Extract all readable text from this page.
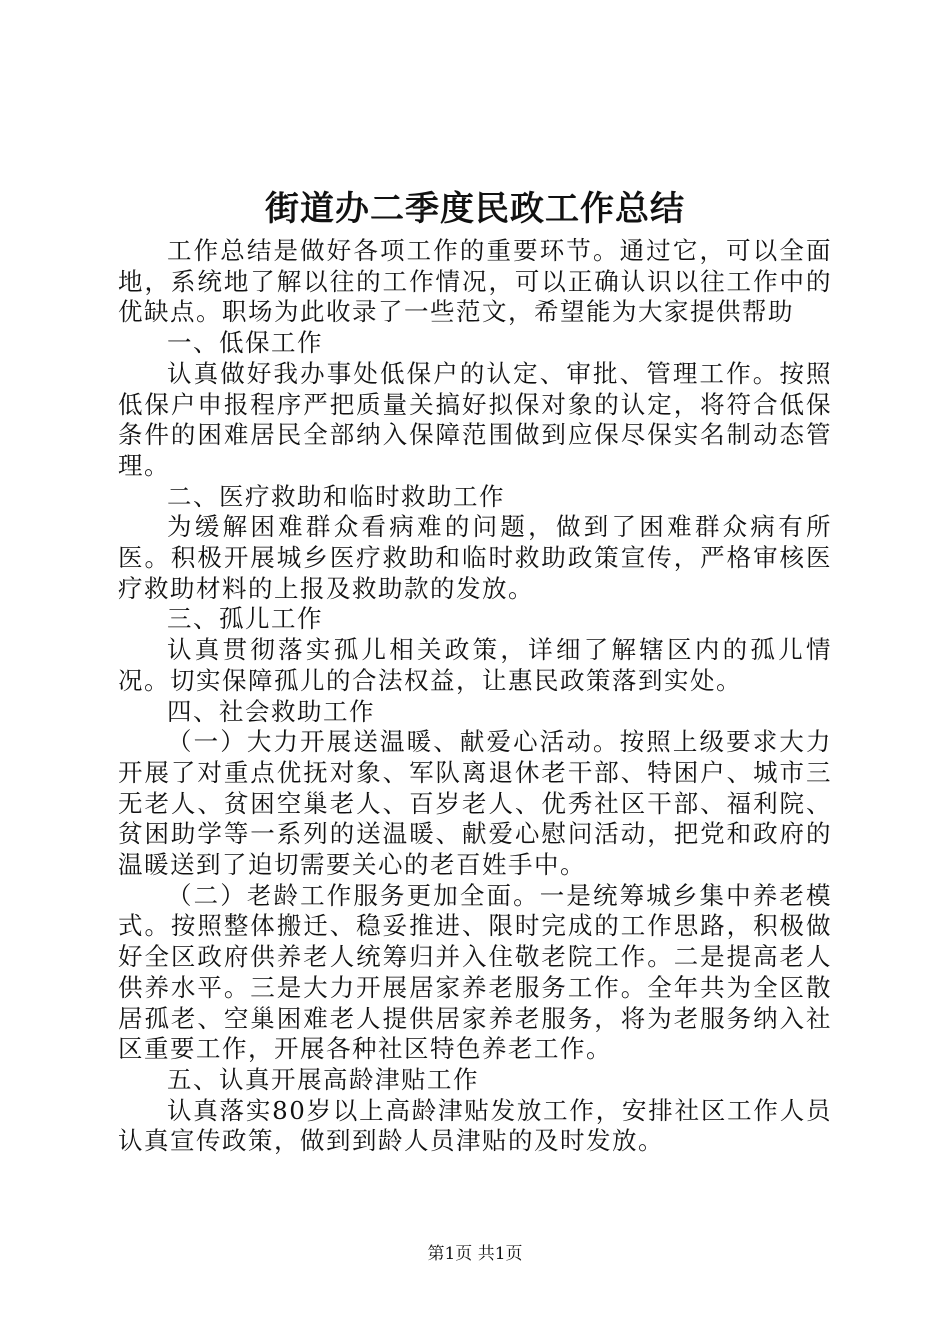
街道办二季度民政工作总结

工作总结是做好各项工作的重要环节。通过它，可以全面地，系统地了解以往的工作情况，可以正确认识以往工作中的优缺点。职场为此收录了一些范文，希望能为大家提供帮助

一、低保工作

认真做好我办事处低保户的认定、审批、管理工作。按照低保户申报程序严把质量关搞好拟保对象的认定，将符合低保条件的困难居民全部纳入保障范围做到应保尽保实名制动态管理。

二、医疗救助和临时救助工作

为缓解困难群众看病难的问题，做到了困难群众病有所医。积极开展城乡医疗救助和临时救助政策宣传，严格审核医疗救助材料的上报及救助款的发放。

三、孤儿工作

认真贯彻落实孤儿相关政策，详细了解辖区内的孤儿情况。切实保障孤儿的合法权益，让惠民政策落到实处。

四、社会救助工作

（一）大力开展送温暖、献爱心活动。按照上级要求大力开展了对重点优抚对象、军队离退休老干部、特困户、城市三无老人、贫困空巢老人、百岁老人、优秀社区干部、福利院、贫困助学等一系列的送温暖、献爱心慰问活动，把党和政府的温暖送到了迫切需要关心的老百姓手中。

（二）老龄工作服务更加全面。一是统筹城乡集中养老模式。按照整体搬迁、稳妥推进、限时完成的工作思路，积极做好全区政府供养老人统筹归并入住敬老院工作。二是提高老人供养水平。三是大力开展居家养老服务工作。全年共为全区散居孤老、空巢困难老人提供居家养老服务，将为老服务纳入社区重要工作，开展各种社区特色养老工作。

五、认真开展高龄津贴工作

认真落实80岁以上高龄津贴发放工作，安排社区工作人员认真宣传政策，做到到龄人员津贴的及时发放。

第1页 共1页
